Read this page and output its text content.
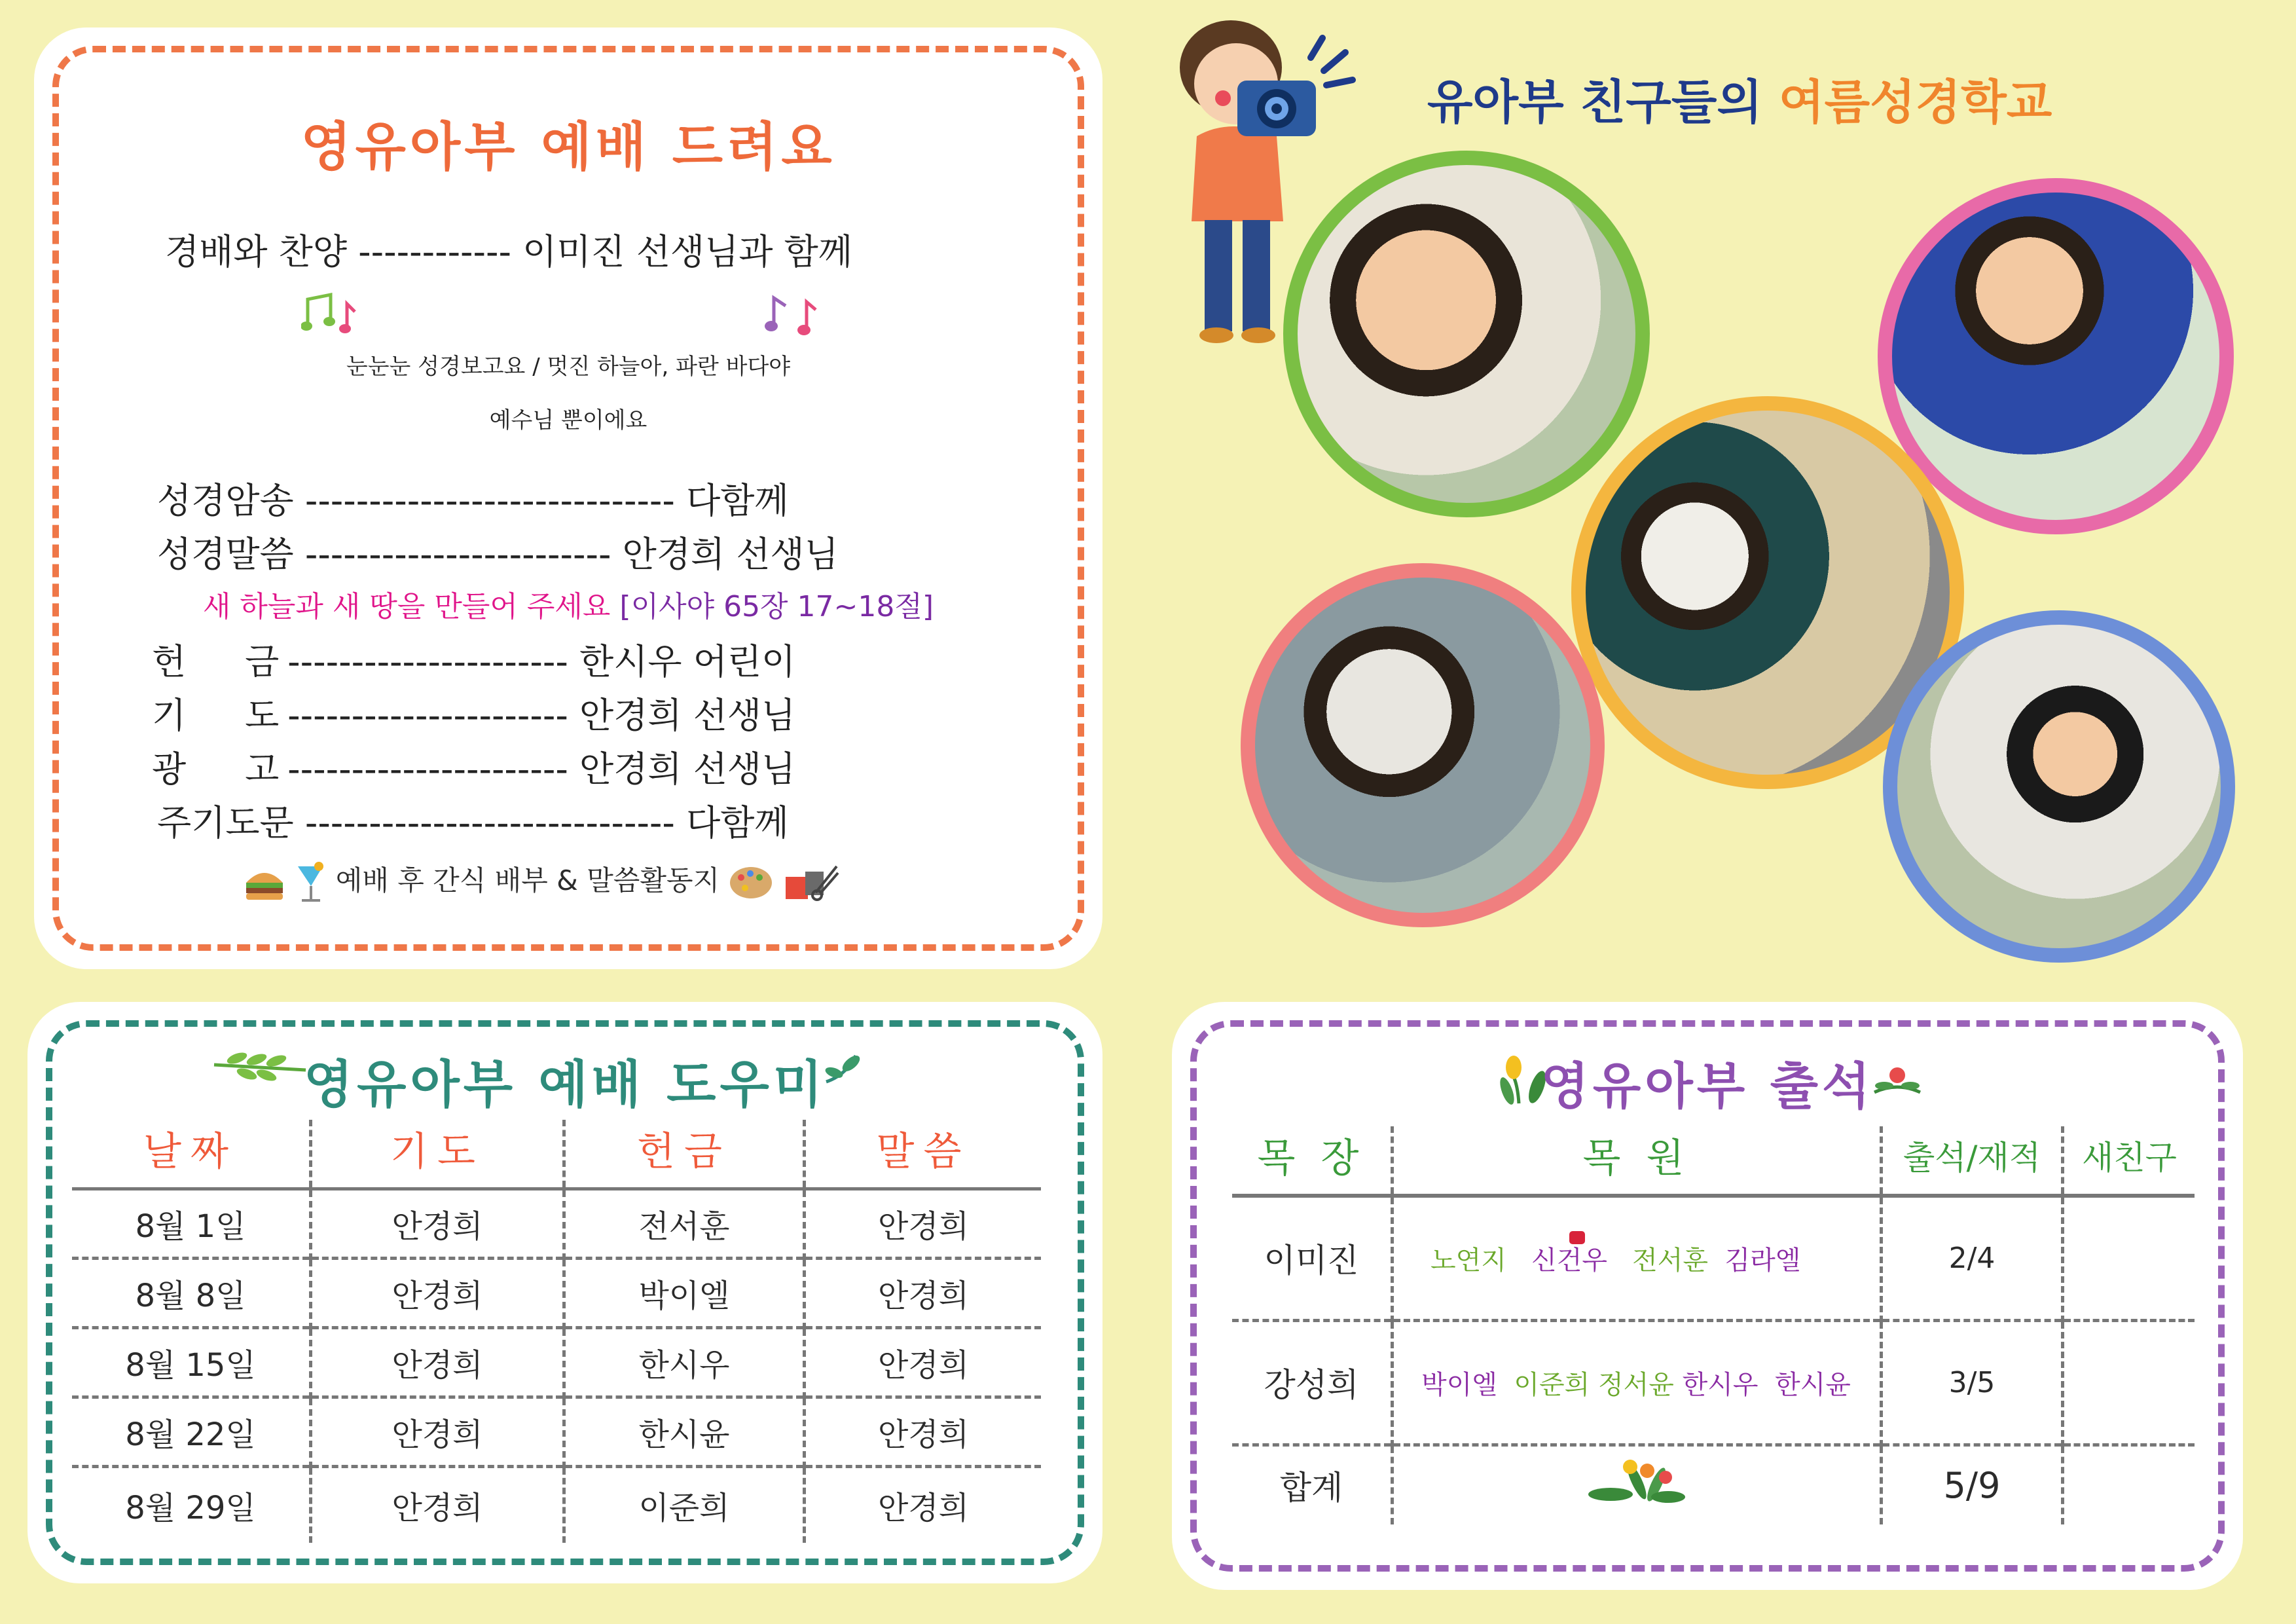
영유아부 예배 드려요
경배와 찬양 ------------ 이미진 선생님과 함께
눈눈눈 성경보고요 / 멋진 하늘아, 파란 바다야
예수님 뿐이에요
성경암송 ----------------------------- 다함께
성경말씀 ------------------------ 안경희 선생님
새 하늘과 새 땅을 만들어 주세요 [이사야 65장 17~18절]
헌 금 ---------------------- 한시우 어린이
기 도 ---------------------- 안경희 선생님
광 고 ---------------------- 안경희 선생님
주기도문 ----------------------------- 다함께
예배 후 간식 배부 & 말씀활동지
유아부 친구들의 여름성경학교
영유아부 예배 도우미
날짜	기도	헌금	말씀
8월 1일	안경희	전서훈	안경희
8월 8일	안경희	박이엘	안경희
8월 15일	안경희	한시우	안경희
8월 22일	안경희	한시윤	안경희
8월 29일	안경희	이준희	안경희
영유아부 출석
목 장	목 원	출석/재적	새친구
이미진	노연지 신건우 전서훈 김라엘	2/4	
강성희	박이엘 이준희 정서윤 한시우 한시윤	3/5	
합계		5/9	
